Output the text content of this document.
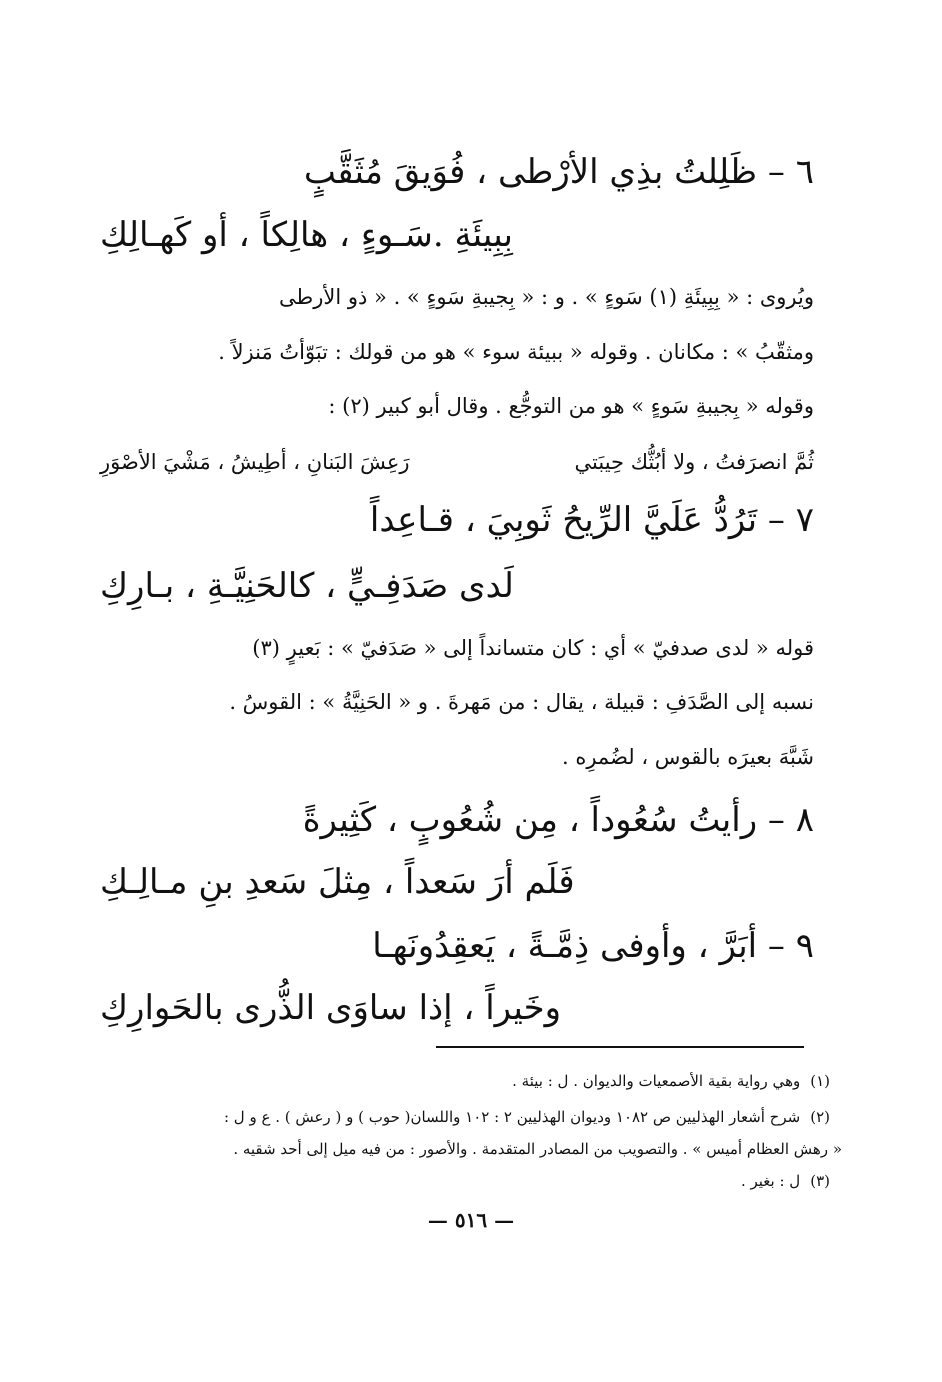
٦ – ظَلِلتُ بذِي الأرْطى ، فُوَيقَ مُثَقَّبٍ
بِبِيئَةِ .سَـوءٍ ، هالِكاً ، أو كَهـالِكِ
ويُروى : « بِبِيئَةِ (١) سَوءٍ » . و : « بِجيبةِ سَوءٍ » . « ذو الأرطى
ومثقّبُ » : مكانان . وقوله « ببيئة سوء » هو من قولك : تبَوّأتُ مَنزلاً .
وقوله « بِجيبةِ سَوءٍ » هو من التوجُّع . وقال أبو كبير (٢) :
ثُمَّ انصرَفتُ ، ولا أبُثُّك حِيبَتي
رَعِشَ البَنانِ ، أطِيشُ ، مَشْيَ الأصْوَرِ
٧ – تَرُدُّ عَلَيَّ الرِّيحُ ثَوبِيَ ، قـاعِداً
لَدى صَدَفِـيٍّ ، كالحَنِيَّـةِ ، بـارِكِ
قوله « لدى صدفيّ » أي : كان متسانداً إلى « صَدَفيّ » : بَعيرٍ (٣)
نسبه إلى الصَّدَفِ : قبيلة ، يقال : من مَهرةَ . و « الحَنِيَّةُ » : القوسُ .
شَبَّهَ بعيرَه بالقوس ، لضُمرِه .
٨ – رأيتُ سُعُوداً ، مِن شُعُوبٍ ، كَثِيرةً
فَلَم أرَ سَعداً ، مِثلَ سَعدِ بنِ مـالِـكِ
٩ – أبَرَّ ، وأوفى ذِمَّـةً ، يَعقِدُونَهـا
وخَيراً ، إذا ساوَى الذُّرى بالحَوارِكِ
(١)وهي رواية بقية الأصمعيات والديوان . ل : بيئة .
(٢)شرح أشعار الهذليين ص ١٠٨٢ وديوان الهذليين ٢ : ١٠٢ واللسان( حوب ) و ( رعش ) . ع و ل :
« رهش العظام أميس » . والتصويب من المصادر المتقدمة . والأصور : من فيه ميل إلى أحد شقيه .
(٣)ل : بغير .
— ٥١٦ —
